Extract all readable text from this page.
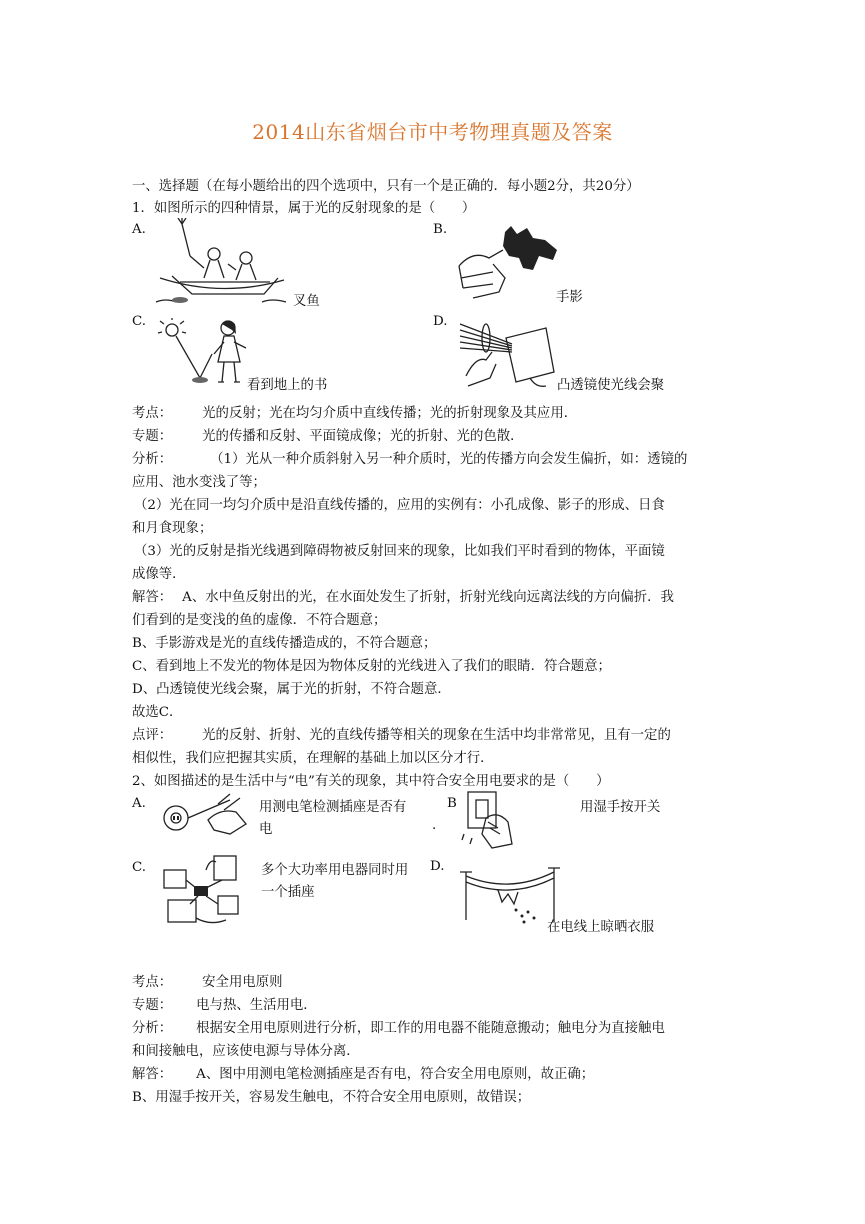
2014山东省烟台市中考物理真题及答案
一、选择题（在每小题给出的四个选项中，只有一个是正确的．每小题2分，共20分）
1．如图所示的四种情景，属于光的反射现象的是（　　）
A.
叉鱼
B.
手影
C.
看到地上的书
D.
凸透镜使光线会聚
考点： 光的反射；光在均匀介质中直线传播；光的折射现象及其应用．
专题： 光的传播和反射、平面镜成像；光的折射、光的色散．
分析：	（1）光从一种介质斜射入另一种介质时，光的传播方向会发生偏折，如：透镜的
应用、池水变浅了等；
（2）光在同一均匀介质中是沿直线传播的，应用的实例有：小孔成像、影子的形成、日食
和月食现象；
（3）光的反射是指光线遇到障碍物被反射回来的现象，比如我们平时看到的物体，平面镜
成像等．
解答： A、水中鱼反射出的光，在水面处发生了折射，折射光线向远离法线的方向偏折．我
们看到的是变浅的鱼的虚像．不符合题意；
B、手影游戏是光的直线传播造成的，不符合题意；
C、看到地上不发光的物体是因为物体反射的光线进入了我们的眼睛．符合题意；
D、凸透镜使光线会聚，属于光的折射，不符合题意．
故选C．
点评： 光的反射、折射、光的直线传播等相关的现象在生活中均非常常见，且有一定的
相似性，我们应把握其实质，在理解的基础上加以区分才行．
2、如图描述的是生活中与“电”有关的现象，其中符合安全用电要求的是（　　）
A.	用测电笔检测插座是否有
电
B
.
用湿手按开关
C.	多个大功率用电器同时用
一个插座
D.
在电线上晾晒衣服
考点： 安全用电原则
专题： 电与热、生活用电．
分析： 根据安全用电原则进行分析，即工作的用电器不能随意搬动；触电分为直接触电
和间接触电，应该使电源与导体分离．
解答： A、图中用测电笔检测插座是否有电，符合安全用电原则，故正确；
B、用湿手按开关，容易发生触电，不符合安全用电原则，故错误；
